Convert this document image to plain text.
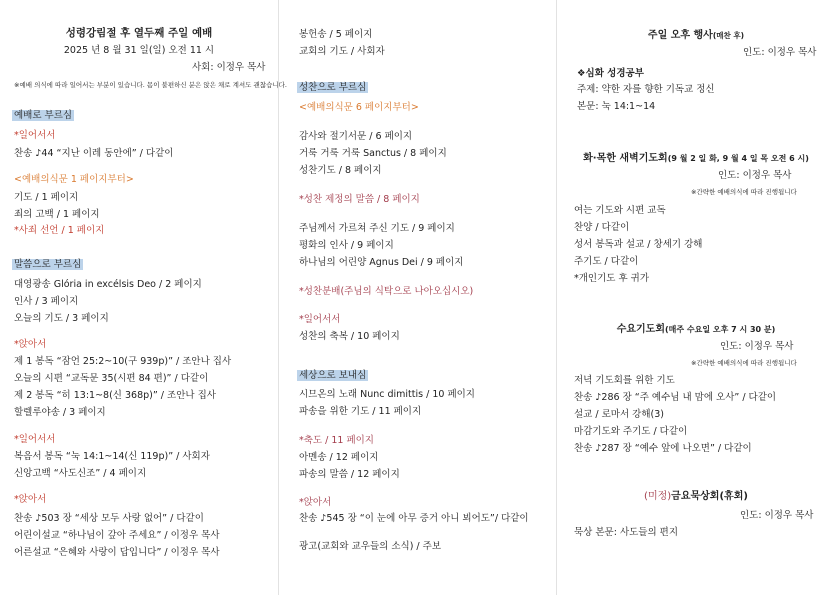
성령강림절 후 열두째 주일 예배
2025 년 8 월 31 일(일) 오전 11 시
사회: 이정우 목사
※예배 의식에 따라 일어서는 부분이 있습니다. 몸이 불편하신 분은 앉은 채로 계셔도 괜찮습니다.
예배로 부르심
*일어서서
찬송 ♪44 “지난 이레 동안에” / 다같이
<예배의식문 1 페이지부터>
기도 / 1 페이지
죄의 고백 / 1 페이지
*사죄 선언 / 1 페이지
말씀으로 부르심
대영광송 Glória in excélsis Deo / 2 페이지
인사 / 3 페이지
오늘의 기도 / 3 페이지
*앉아서
제 1 봉독 “잠언 25:2~10(구 939p)” / 조안나 집사
오늘의 시편 “교독문 35(시편 84 편)” / 다같이
제 2 봉독 “히 13:1~8(신 368p)” / 조안나 집사
할렐루야송 / 3 페이지
*일어서서
복음서 봉독 “눅 14:1~14(신 119p)” / 사회자
신앙고백 “사도신조” / 4 페이지
*앉아서
찬송 ♪503 장 “세상 모두 사랑 없어” / 다같이
어린이설교 “하나님이 갚아 주세요” / 이정우 목사
어른설교 “은혜와 사랑이 답입니다” / 이정우 목사
봉헌송 / 5 페이지
교회의 기도 / 사회자
성찬으로 부르심
<예배의식문 6 페이지부터>
감사와 절기서문 / 6 페이지
거룩 거룩 거룩 Sanctus / 8 페이지
성찬기도 / 8 페이지
*성찬 제정의 말씀 / 8 페이지
주님께서 가르쳐 주신 기도 / 9 페이지
평화의 인사 / 9 페이지
하나님의 어린양 Agnus Dei / 9 페이지
*성찬분배(주님의 식탁으로 나아오십시오)
*일어서서
성찬의 축복 / 10 페이지
세상으로 보내심
시므온의 노래 Nunc dimittis / 10 페이지
파송을 위한 기도 / 11 페이지
*축도 / 11 페이지
아멘송 / 12 페이지
파송의 말씀 / 12 페이지
*앉아서
찬송 ♪545 장 “이 눈에 아무 증거 아니 뵈어도”/ 다같이
광고(교회와 교우들의 소식) / 주보
주일 오후 행사(매찬 후)
인도: 이정우 목사
❖심화 성경공부
주제: 약한 자를 향한 기독교 정신
본문: 눅 14:1~14
화·목한 새벽기도회(9 월 2 일 화, 9 월 4 일 목 오전 6 시)
인도: 이정우 목사
※간략한 예배의식에 따라 진행됩니다
여는 기도와 시편 교독
찬양 / 다같이
성서 봉독과 설교 / 창세기 강해
주기도 / 다같이
*개인기도 후 귀가
수요기도회(매주 수요일 오후 7 시 30 분)
인도: 이정우 목사
※간략한 예배의식에 따라 진행됩니다
저녁 기도회를 위한 기도
찬송 ♪286 장 “주 예수님 내 맘에 오사” / 다같이
설교 / 로마서 강해(3)
마감기도와 주기도 / 다같이
찬송 ♪287 장 “예수 앞에 나오면” / 다같이
(미정)금요묵상회(휴회)
인도: 이정우 목사
묵상 본문: 사도들의 편지
